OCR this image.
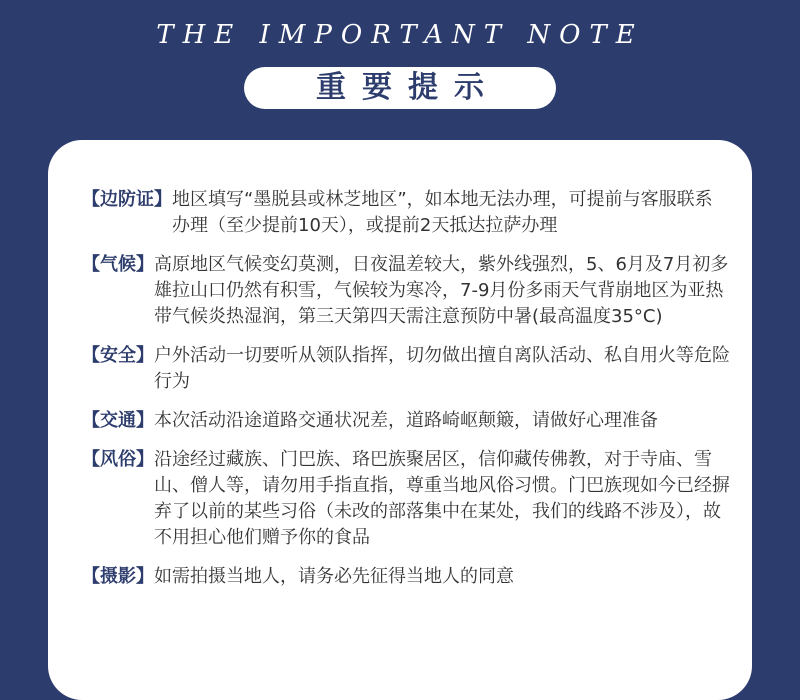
THE IMPORTANT NOTE
重要提示
【边防证】 地区填写“墨脱县或林芝地区”，如本地无法办理，可提前与客服联系办理（至少提前10天），或提前2天抵达拉萨办理
【气候】 高原地区气候变幻莫测，日夜温差较大，紫外线强烈，5、6月及7月初多雄拉山口仍然有积雪，气候较为寒冷，7-9月份多雨天气背崩地区为亚热带气候炎热湿润，第三天第四天需注意预防中暑(最高温度35°C)
【安全】 户外活动一切要听从领队指挥，切勿做出擅自离队活动、私自用火等危险行为
【交通】 本次活动沿途道路交通状况差，道路崎岖颠簸，请做好心理准备
【风俗】 沿途经过藏族、门巴族、珞巴族聚居区，信仰藏传佛教，对于寺庙、雪山、僧人等，请勿用手指直指，尊重当地风俗习惯。门巴族现如今已经摒弃了以前的某些习俗（未改的部落集中在某处，我们的线路不涉及），故不用担心他们赠予你的食品
【摄影】 如需拍摄当地人，请务必先征得当地人的同意
